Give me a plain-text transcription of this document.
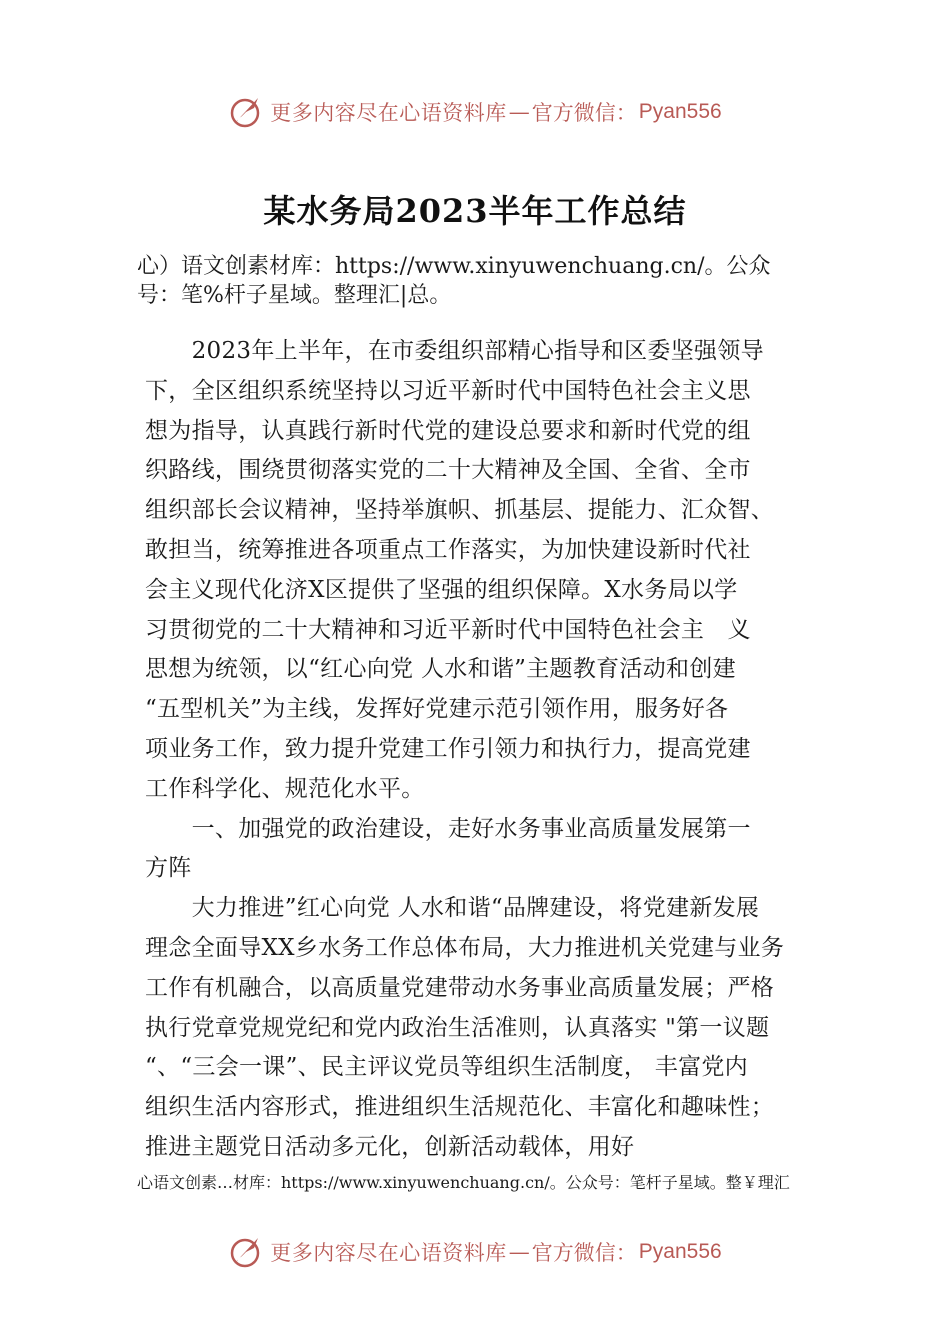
更多内容尽在心语资料库 — 官方微信： Pyan556
某水务局2023半年工作总结
心）语文创素材库：https://www.xinyuwenchuang.cn/。公众
号：笔%杆子星域。整理汇|总。
　　2023年上半年，在市委组织部精心指导和区委坚强领导
下，全区组织系统坚持以习近平新时代中国特色社会主义思
想为指导，认真践行新时代党的建设总要求和新时代党的组
织路线，围绕贯彻落实党的二十大精神及全国、全省、全市
组织部长会议精神，坚持举旗帜、抓基层、提能力、汇众智、
敢担当，统筹推进各项重点工作落实，为加快建设新时代社
会主义现代化济X区提供了坚强的组织保障。X水务局以学
习贯彻党的二十大精神和习近平新时代中国特色社会主　义
思想为统领，以“红心向党 人水和谐”主题教育活动和创建
“五型机关”为主线，发挥好党建示范引领作用，服务好各
项业务工作，致力提升党建工作引领力和执行力，提高党建
工作科学化、规范化水平。
　　一、加强党的政治建设，走好水务事业高质量发展第一
方阵
　　大力推进”红心向党 人水和谐“品牌建设，将党建新发展
理念全面导XX乡水务工作总体布局，大力推进机关党建与业务
工作有机融合，以高质量党建带动水务事业高质量发展；严格
执行党章党规党纪和党内政治生活准则，认真落实 "第一议题
“、“三会一课”、民主评议党员等组织生活制度， 丰富党内
组织生活内容形式，推进组织生活规范化、丰富化和趣味性；
推进主题党日活动多元化，创新活动载体，用好
心语文创素…材库：https://www.xinyuwenchuang.cn/。公众号：笔杆子星域。整￥理汇
更多内容尽在心语资料库 — 官方微信： Pyan556
